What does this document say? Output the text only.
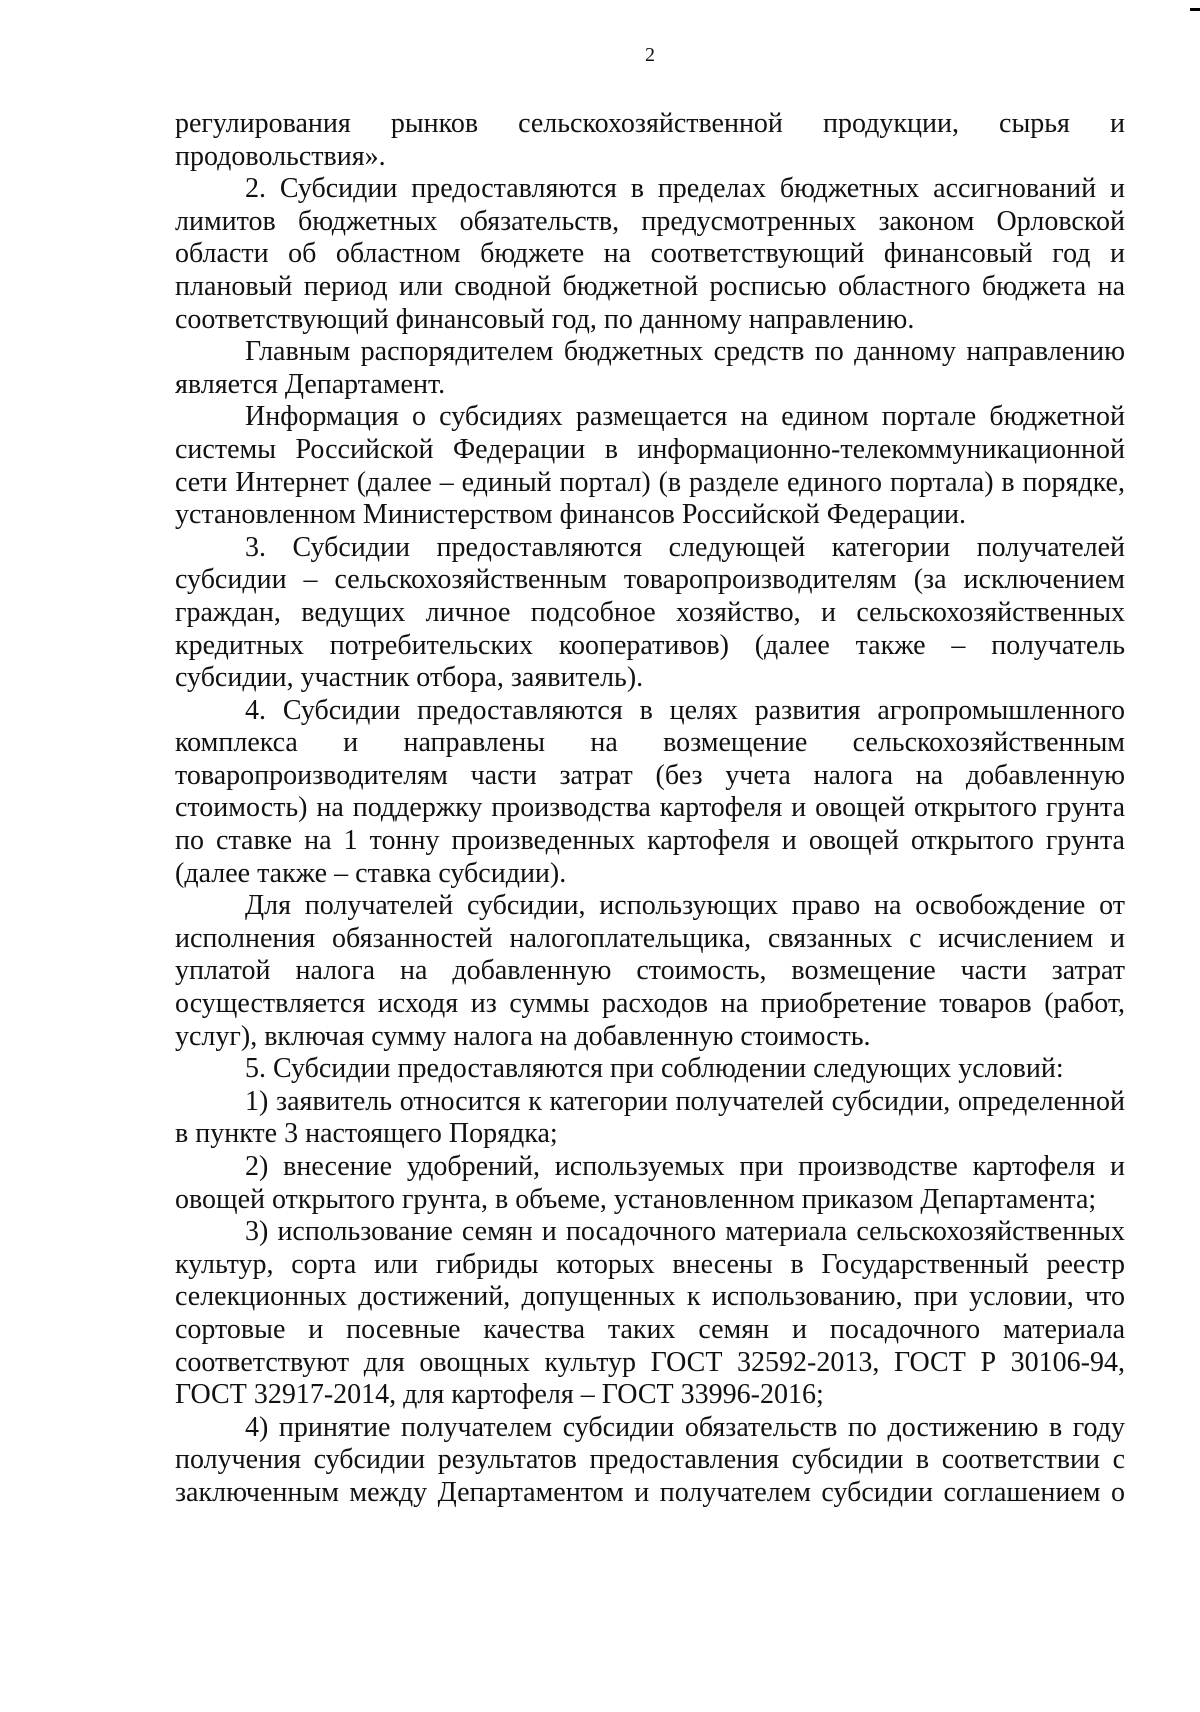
2

регулирования рынков сельскохозяйственной продукции, сырья и продовольствия».

2. Субсидии предоставляются в пределах бюджетных ассигнований и лимитов бюджетных обязательств, предусмотренных законом Орловской области об областном бюджете на соответствующий финансовый год и плановый период или сводной бюджетной росписью областного бюджета на соответствующий финансовый год, по данному направлению.

Главным распорядителем бюджетных средств по данному направлению является Департамент.

Информация о субсидиях размещается на едином портале бюджетной системы Российской Федерации в информационно-телекоммуникационной сети Интернет (далее – единый портал) (в разделе единого портала) в порядке, установленном Министерством финансов Российской Федерации.

3. Субсидии предоставляются следующей категории получателей субсидии – сельскохозяйственным товаропроизводителям (за исключением граждан, ведущих личное подсобное хозяйство, и сельскохозяйственных кредитных потребительских кооперативов) (далее также – получатель субсидии, участник отбора, заявитель).

4. Субсидии предоставляются в целях развития агропромышленного комплекса и направлены на возмещение сельскохозяйственным товаропроизводителям части затрат (без учета налога на добавленную стоимость) на поддержку производства картофеля и овощей открытого грунта по ставке на 1 тонну произведенных картофеля и овощей открытого грунта (далее также – ставка субсидии).

Для получателей субсидии, использующих право на освобождение от исполнения обязанностей налогоплательщика, связанных с исчислением и уплатой налога на добавленную стоимость, возмещение части затрат осуществляется исходя из суммы расходов на приобретение товаров (работ, услуг), включая сумму налога на добавленную стоимость.

5. Субсидии предоставляются при соблюдении следующих условий:

1) заявитель относится к категории получателей субсидии, определенной в пункте 3 настоящего Порядка;

2) внесение удобрений, используемых при производстве картофеля и овощей открытого грунта, в объеме, установленном приказом Департамента;

3) использование семян и посадочного материала сельскохозяйственных культур, сорта или гибриды которых внесены в Государственный реестр селекционных достижений, допущенных к использованию, при условии, что сортовые и посевные качества таких семян и посадочного материала соответствуют для овощных культур ГОСТ 32592-2013, ГОСТ Р 30106-94, ГОСТ 32917-2014, для картофеля – ГОСТ 33996-2016;

4) принятие получателем субсидии обязательств по достижению в году получения субсидии результатов предоставления субсидии в соответствии с заключенным между Департаментом и получателем субсидии соглашением о
